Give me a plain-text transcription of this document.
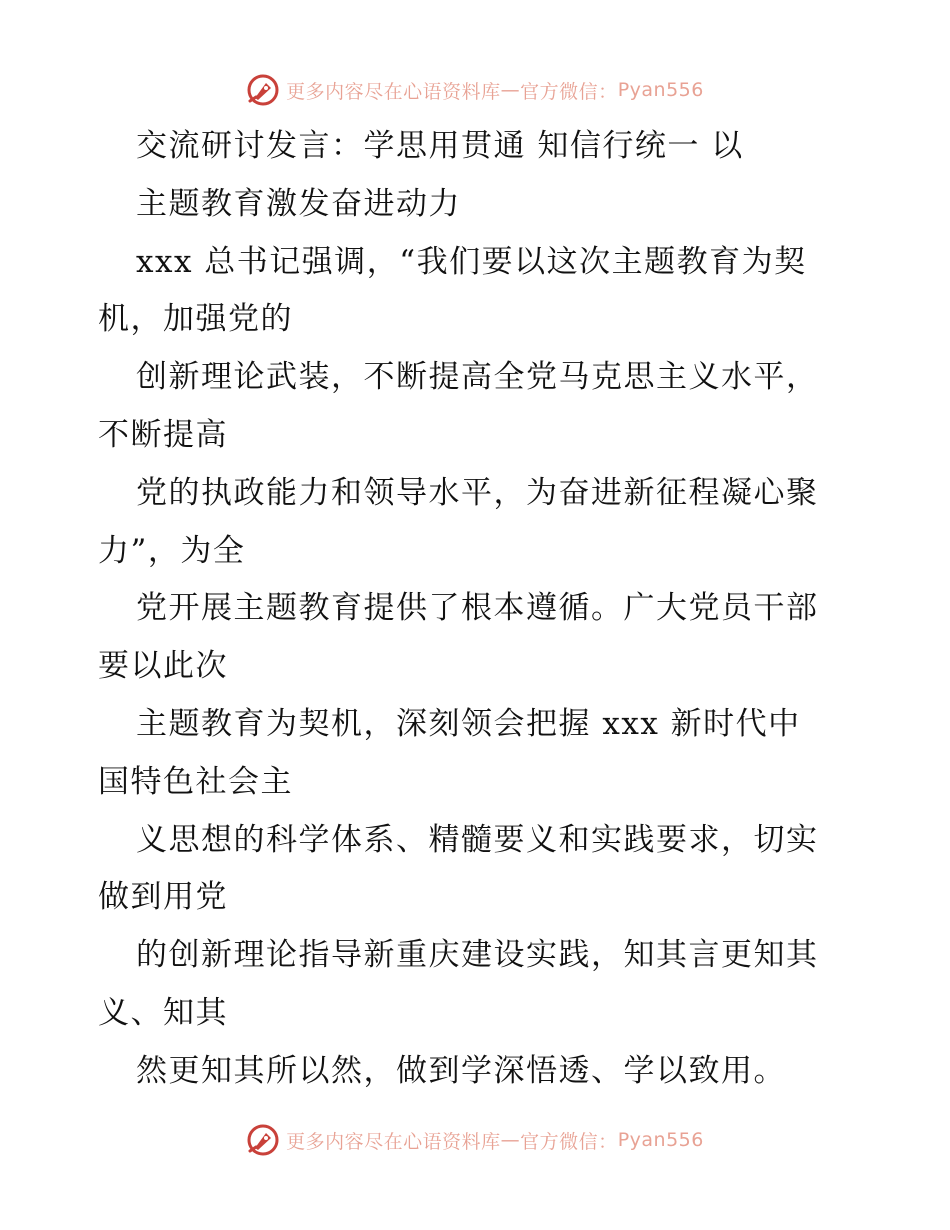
更多内容尽在心语资料库 — 官方微信： Pyan556
交流研讨发言：学思用贯通 知信行统一 以
主题教育激发奋进动力
xxx 总书记强调，“我们要以这次主题教育为契
机，加强党的
创新理论武装，不断提高全党马克思主义水平，
不断提高
党的执政能力和领导水平，为奋进新征程凝心聚
力”，为全
党开展主题教育提供了根本遵循。广大党员干部
要以此次
主题教育为契机，深刻领会把握 xxx 新时代中
国特色社会主
义思想的科学体系、精髓要义和实践要求，切实
做到用党
的创新理论指导新重庆建设实践，知其言更知其
义、知其
然更知其所以然，做到学深悟透、学以致用。
更多内容尽在心语资料库 — 官方微信： Pyan556
